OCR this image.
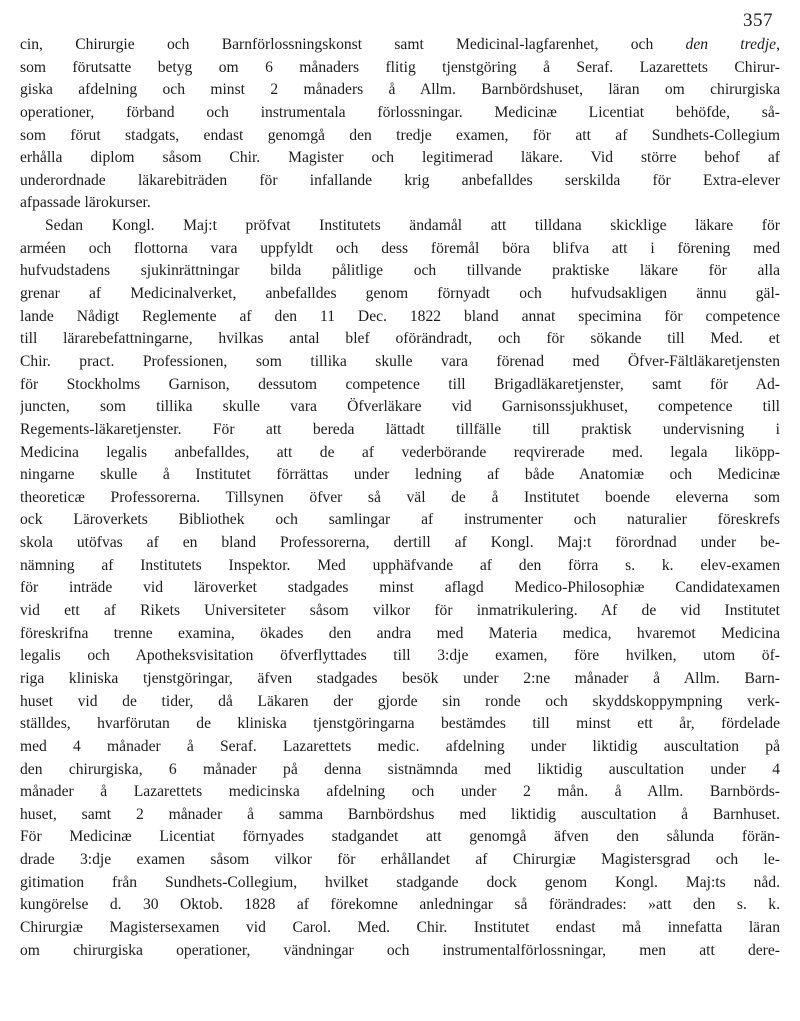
357

cin, Chirurgie och Barnförlossningskonst samt Medicinal-lagfarenhet, och den tredje,
som förutsatte betyg om 6 månaders flitig tjenstgöring å Seraf. Lazarettets Chirur-
giska afdelning och minst 2 månaders å Allm. Barnbördshuset, läran om chirurgiska
operationer, förband och instrumentala förlossningar. Medicinæ Licentiat behöfde, så-
som förut stadgats, endast genomgå den tredje examen, för att af Sundhets-Collegium
erhålla diplom såsom Chir. Magister och legitimerad läkare. Vid större behof af
underordnade läkarebiträden för infallande krig anbefalldes serskilda för Extra-elever
afpassade lärokurser.
Sedan Kongl. Maj:t pröfvat Institutets ändamål att tilldana skicklige läkare för
arméen och flottorna vara uppfyldt och dess föremål böra blifva att i förening med
hufvudstadens sjukinrättningar bilda pålitlige och tillvande praktiske läkare för alla
grenar af Medicinalverket, anbefalldes genom förnyadt och hufvudsakligen ännu gäl-
lande Nådigt Reglemente af den 11 Dec. 1822 bland annat specimina för competence
till lärarebefattningarne, hvilkas antal blef oförändradt, och för sökande till Med. et
Chir. pract. Professionen, som tillika skulle vara förenad med Öfver-Fältläkaretjensten
för Stockholms Garnison, dessutom competence till Brigadläkaretjenster, samt för Ad-
juncten, som tillika skulle vara Öfverläkare vid Garnisonssjukhuset, competence till
Regements-läkaretjenster. För att bereda lättadt tillfälle till praktisk undervisning i
Medicina legalis anbefalldes, att de af vederbörande reqvirerade med. legala liköpp-
ningarne skulle å Institutet förrättas under ledning af både Anatomiæ och Medicinæ
theoreticæ Professorerna. Tillsynen öfver så väl de å Institutet boende eleverna som
ock Läroverkets Bibliothek och samlingar af instrumenter och naturalier föreskrefs
skola utöfvas af en bland Professorerna, dertill af Kongl. Maj:t förordnad under be-
nämning af Institutets Inspektor. Med upphäfvande af den förra s. k. elev-examen
för inträde vid läroverket stadgades minst aflagd Medico-Philosophiæ Candidatexamen
vid ett af Rikets Universiteter såsom vilkor för inmatrikulering. Af de vid Institutet
föreskrifna trenne examina, ökades den andra med Materia medica, hvaremot Medicina
legalis och Apotheksvisitation öfverflyttades till 3:dje examen, före hvilken, utom öf-
riga kliniska tjenstgöringar, äfven stadgades besök under 2:ne månader å Allm. Barn-
huset vid de tider, då Läkaren der gjorde sin ronde och skyddskoppympning verk-
ställdes, hvarförutan de kliniska tjenstgöringarna bestämdes till minst ett år, fördelade
med 4 månader å Seraf. Lazarettets medic. afdelning under liktidig auscultation på
den chirurgiska, 6 månader på denna sistnämnda med liktidig auscultation under 4
månader å Lazarettets medicinska afdelning och under 2 mån. å Allm. Barnbörds-
huset, samt 2 månader å samma Barnbördshus med liktidig auscultation å Barnhuset.
För Medicinæ Licentiat förnyades stadgandet att genomgå äfven den sålunda förän-
drade 3:dje examen såsom vilkor för erhållandet af Chirurgiæ Magistersgrad och le-
gitimation från Sundhets-Collegium, hvilket stadgande dock genom Kongl. Maj:ts nåd.
kungörelse d. 30 Oktob. 1828 af förekomne anledningar så förändrades: »att den s. k.
Chirurgiæ Magistersexamen vid Carol. Med. Chir. Institutet endast må innefatta läran
om chirurgiska operationer, vändningar och instrumentalförlossningar, men att dere-
